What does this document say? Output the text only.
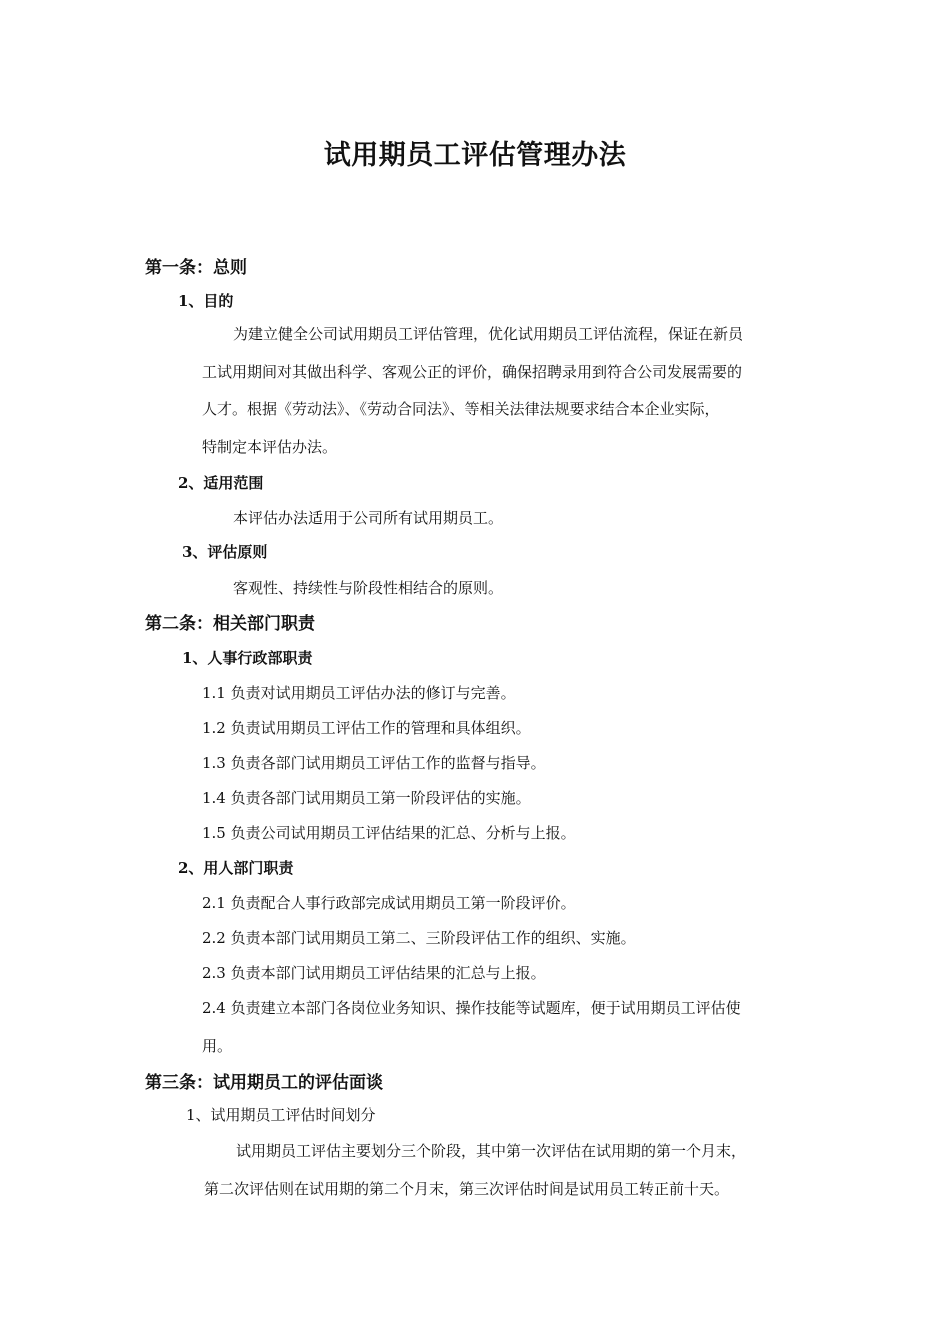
试用期员工评估管理办法
第一条：总则
1、目的
为建立健全公司试用期员工评估管理，优化试用期员工评估流程，保证在新员
工试用期间对其做出科学、客观公正的评价，确保招聘录用到符合公司发展需要的
人才。根据《劳动法》、《劳动合同法》、等相关法律法规要求结合本企业实际，
特制定本评估办法。
2、适用范围
本评估办法适用于公司所有试用期员工。
3、评估原则
客观性、持续性与阶段性相结合的原则。
第二条：相关部门职责
1、人事行政部职责
1.1 负责对试用期员工评估办法的修订与完善。
1.2 负责试用期员工评估工作的管理和具体组织。
1.3 负责各部门试用期员工评估工作的监督与指导。
1.4 负责各部门试用期员工第一阶段评估的实施。
1.5 负责公司试用期员工评估结果的汇总、分析与上报。
2、用人部门职责
2.1 负责配合人事行政部完成试用期员工第一阶段评价。
2.2 负责本部门试用期员工第二、三阶段评估工作的组织、实施。
2.3 负责本部门试用期员工评估结果的汇总与上报。
2.4 负责建立本部门各岗位业务知识、操作技能等试题库，便于试用期员工评估使
用。
第三条：试用期员工的评估面谈
1、试用期员工评估时间划分
试用期员工评估主要划分三个阶段，其中第一次评估在试用期的第一个月末，
第二次评估则在试用期的第二个月末，第三次评估时间是试用员工转正前十天。
